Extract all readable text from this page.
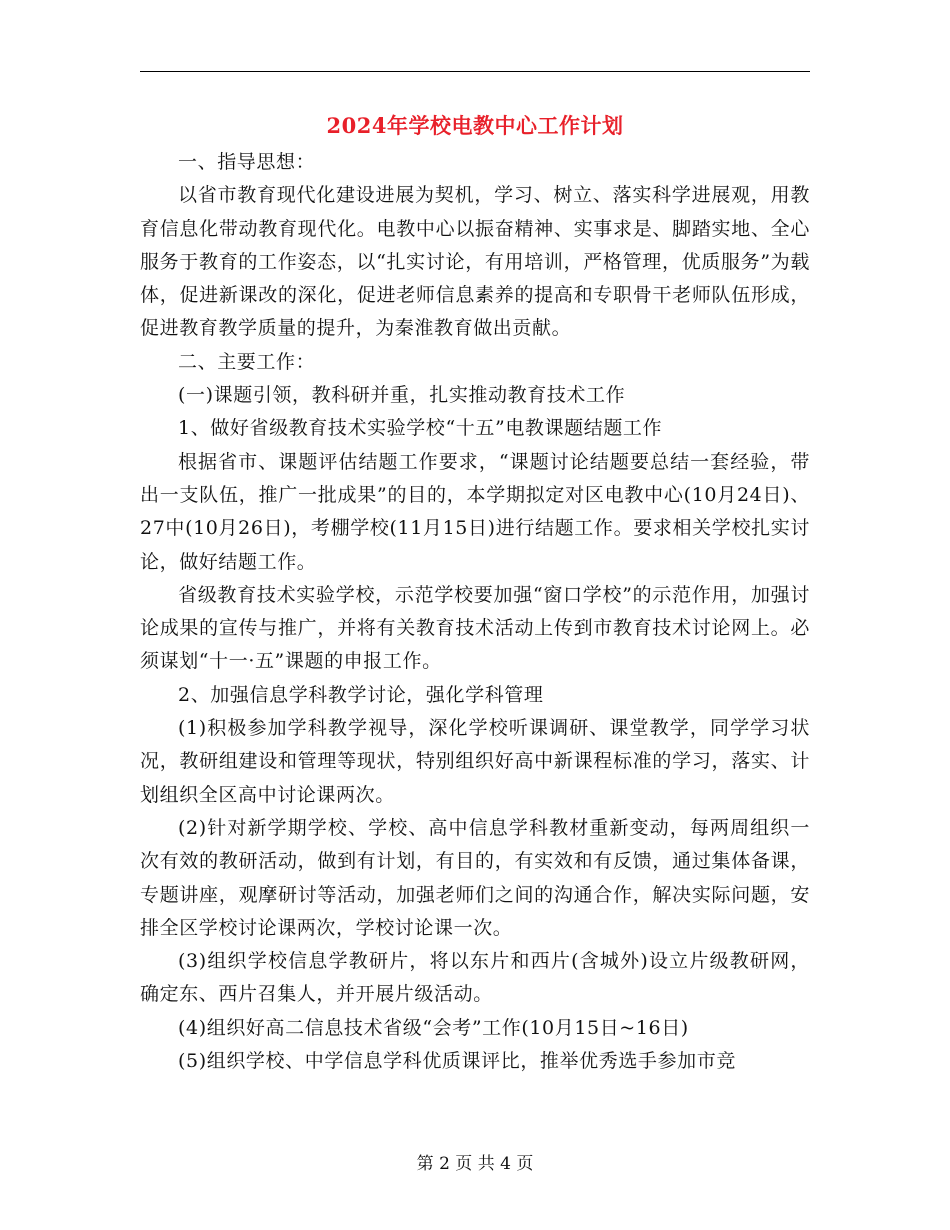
2024年学校电教中心工作计划

一、指导思想：

以省市教育现代化建设进展为契机，学习、树立、落实科学进展观，用教育信息化带动教育现代化。电教中心以振奋精神、实事求是、脚踏实地、全心服务于教育的工作姿态，以“扎实讨论，有用培训，严格管理，优质服务”为载体，促进新课改的深化，促进老师信息素养的提高和专职骨干老师队伍形成，促进教育教学质量的提升，为秦淮教育做出贡献。

二、主要工作：

(一)课题引领，教科研并重，扎实推动教育技术工作

1、做好省级教育技术实验学校“十五”电教课题结题工作

根据省市、课题评估结题工作要求，“课题讨论结题要总结一套经验，带出一支队伍，推广一批成果”的目的，本学期拟定对区电教中心(10月24日)、27中(10月26日)，考棚学校(11月15日)进行结题工作。要求相关学校扎实讨论，做好结题工作。

省级教育技术实验学校，示范学校要加强“窗口学校”的示范作用，加强讨论成果的宣传与推广，并将有关教育技术活动上传到市教育技术讨论网上。必须谋划“十一·五”课题的申报工作。

2、加强信息学科教学讨论，强化学科管理

(1)积极参加学科教学视导，深化学校听课调研、课堂教学，同学学习状况，教研组建设和管理等现状，特别组织好高中新课程标准的学习，落实、计划组织全区高中讨论课两次。

(2)针对新学期学校、学校、高中信息学科教材重新变动，每两周组织一次有效的教研活动，做到有计划，有目的，有实效和有反馈，通过集体备课，专题讲座，观摩研讨等活动，加强老师们之间的沟通合作，解决实际问题，安排全区学校讨论课两次，学校讨论课一次。

(3)组织学校信息学教研片，将以东片和西片(含城外)设立片级教研网，确定东、西片召集人，并开展片级活动。

(4)组织好高二信息技术省级“会考”工作(10月15日~16日)

(5)组织学校、中学信息学科优质课评比，推举优秀选手参加市竞

第 2 页 共 4 页
